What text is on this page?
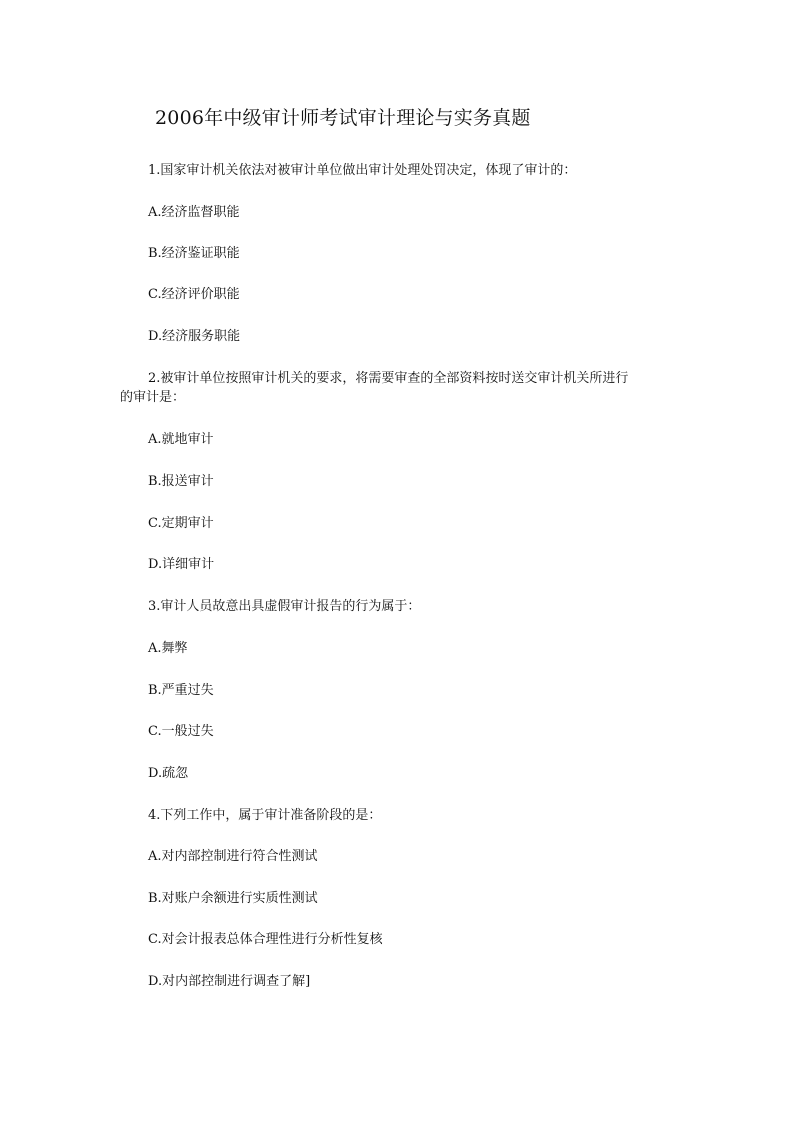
2006年中级审计师考试审计理论与实务真题
1.国家审计机关依法对被审计单位做出审计处理处罚决定，体现了审计的：
A.经济监督职能
B.经济鉴证职能
C.经济评价职能
D.经济服务职能
2.被审计单位按照审计机关的要求，将需要审查的全部资料按时送交审计机关所进行
的审计是：
A.就地审计
B.报送审计
C.定期审计
D.详细审计
3.审计人员故意出具虚假审计报告的行为属于：
A.舞弊
B.严重过失
C.一般过失
D.疏忽
4.下列工作中，属于审计准备阶段的是：
A.对内部控制进行符合性测试
B.对账户余额进行实质性测试
C.对会计报表总体合理性进行分析性复核
D.对内部控制进行调查了解]
